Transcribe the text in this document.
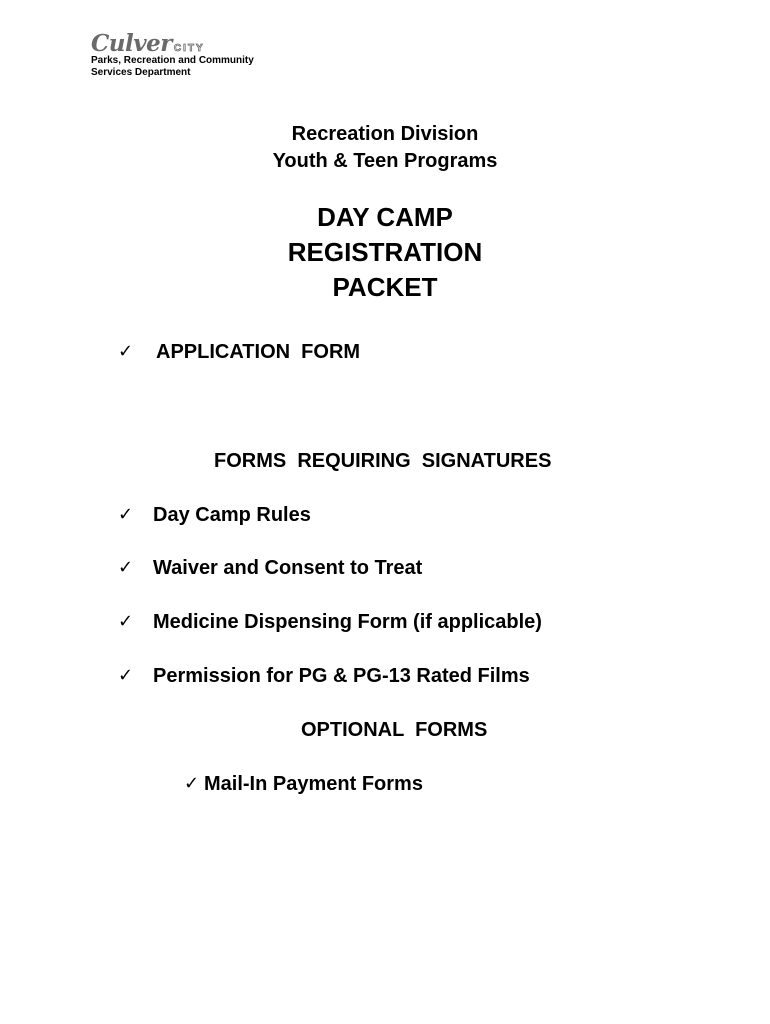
Culver CITY
Parks, Recreation and Community
Services Department
Recreation Division
Youth & Teen Programs
DAY CAMP
REGISTRATION
PACKET
✓ APPLICATION  FORM
FORMS  REQUIRING  SIGNATURES
✓ Day Camp Rules
✓ Waiver and Consent to Treat
✓ Medicine Dispensing Form (if applicable)
✓ Permission for PG & PG-13 Rated Films
OPTIONAL  FORMS
✓ Mail-In Payment Forms
